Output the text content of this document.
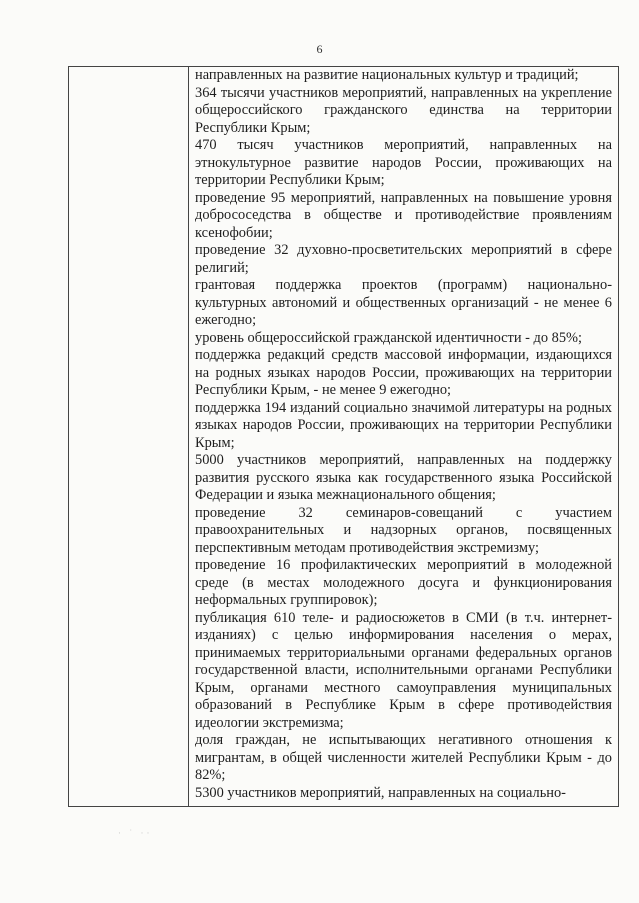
6

направленных на развитие национальных культур и традиций;

364 тысячи участников мероприятий, направленных на укрепление общероссийского гражданского единства на территории Республики Крым;

470 тысяч участников мероприятий, направленных на этнокультурное развитие народов России, проживающих на территории Республики Крым;

проведение 95 мероприятий, направленных на повышение уровня добрососедства в обществе и противодействие проявлениям ксенофобии;

проведение 32 духовно-просветительских мероприятий в сфере религий;

грантовая поддержка проектов (программ) национально-культурных автономий и общественных организаций - не менее 6 ежегодно;

уровень общероссийской гражданской идентичности - до 85%;

поддержка редакций средств массовой информации, издающихся на родных языках народов России, проживающих на территории Республики Крым, - не менее 9 ежегодно;

поддержка 194 изданий социально значимой литературы на родных языках народов России, проживающих на территории Республики Крым;

5000 участников мероприятий, направленных на поддержку развития русского языка как государственного языка Российской Федерации и языка межнационального общения;

проведение 32 семинаров-совещаний с участием правоохранительных и надзорных органов, посвященных перспективным методам противодействия экстремизму;

проведение 16 профилактических мероприятий в молодежной среде (в местах молодежного досуга и функционирования неформальных группировок);

публикация 610 теле- и радиосюжетов в СМИ (в т.ч. интернет-изданиях) с целью информирования населения о мерах, принимаемых территориальными органами федеральных органов государственной власти, исполнительными органами Республики Крым, органами местного самоуправления муниципальных образований в Республике Крым в сфере противодействия идеологии экстремизма;

доля граждан, не испытывающих негативного отношения к мигрантам, в общей численности жителей Республики Крым - до 82%;

5300 участников мероприятий, направленных на социально-

· ˙ ··
